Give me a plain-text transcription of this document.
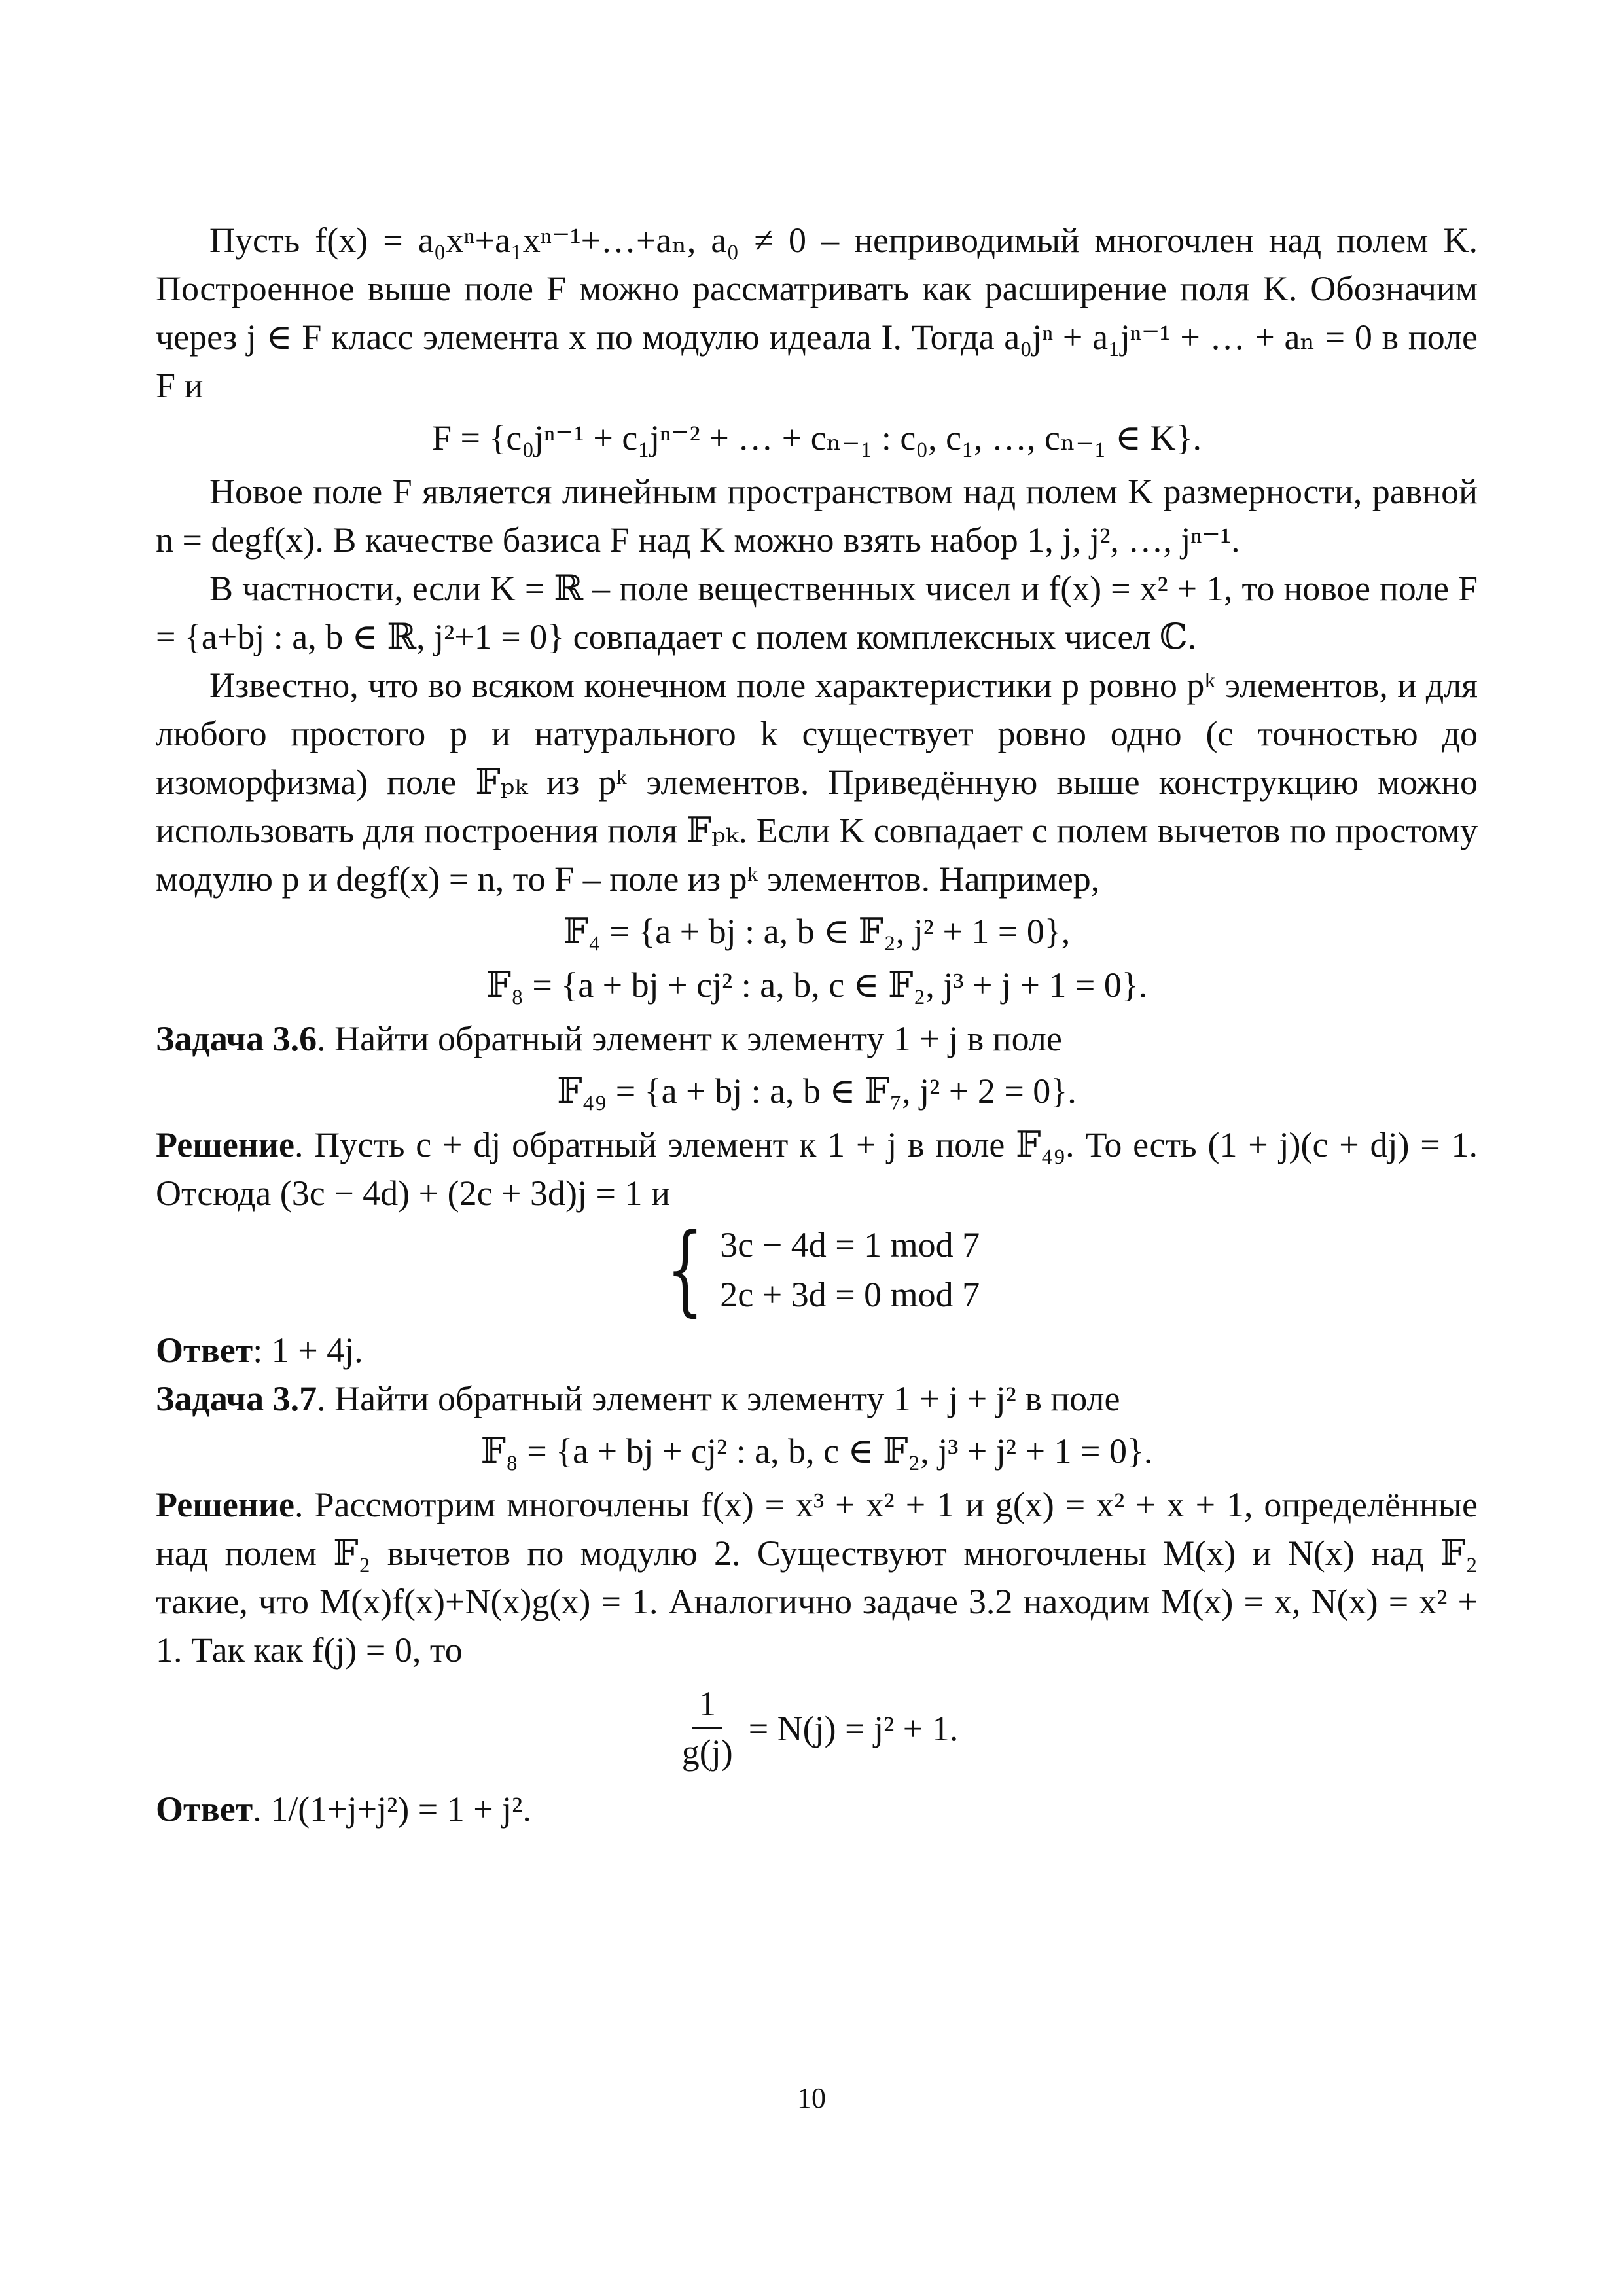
Пусть f(x) = a₀xⁿ+a₁xⁿ⁻¹+…+aₙ, a₀ ≠ 0 – неприводимый многочлен над полем K. Построенное выше поле F можно рассматривать как расширение поля K. Обозначим через j ∈ F класс элемента x по модулю идеала I. Тогда a₀jⁿ + a₁jⁿ⁻¹ + … + aₙ = 0 в поле F и

F = {c₀jⁿ⁻¹ + c₁jⁿ⁻² + … + cₙ₋₁ : c₀, c₁, …, cₙ₋₁ ∈ K}.

Новое поле F является линейным пространством над полем K размерности, равной n = degf(x). В качестве базиса F над K можно взять набор 1, j, j², …, jⁿ⁻¹.

В частности, если K = ℝ – поле вещественных чисел и f(x) = x² + 1, то новое поле F = {a+bj : a, b ∈ ℝ, j²+1 = 0} совпадает с полем комплексных чисел ℂ.

Известно, что во всяком конечном поле характеристики p ровно pᵏ элементов, и для любого простого p и натурального k существует ровно одно (с точностью до изоморфизма) поле 𝔽ₚₖ из pᵏ элементов. Приведённую выше конструкцию можно использовать для построения поля 𝔽ₚₖ. Если K совпадает с полем вычетов по простому модулю p и degf(x) = n, то F – поле из pᵏ элементов. Например,

𝔽₄ = {a + bj : a, b ∈ 𝔽₂, j² + 1 = 0},

𝔽₈ = {a + bj + cj² : a, b, c ∈ 𝔽₂, j³ + j + 1 = 0}.

Задача 3.6. Найти обратный элемент к элементу 1 + j в поле

𝔽₄₉ = {a + bj : a, b ∈ 𝔽₇, j² + 2 = 0}.

Решение. Пусть c + dj обратный элемент к 1 + j в поле 𝔽₄₉. То есть (1 + j)(c + dj) = 1. Отсюда (3c − 4d) + (2c + 3d)j = 1 и

{ 3c − 4d = 1 mod 7
2c + 3d = 0 mod 7

Ответ: 1 + 4j.

Задача 3.7. Найти обратный элемент к элементу 1 + j + j² в поле

𝔽₈ = {a + bj + cj² : a, b, c ∈ 𝔽₂, j³ + j² + 1 = 0}.

Решение. Рассмотрим многочлены f(x) = x³ + x² + 1 и g(x) = x² + x + 1, определённые над полем 𝔽₂ вычетов по модулю 2. Существуют многочлены M(x) и N(x) над 𝔽₂ такие, что M(x)f(x)+N(x)g(x) = 1. Аналогично задаче 3.2 находим M(x) = x, N(x) = x² + 1. Так как f(j) = 0, то

$\frac{1}{g(j)} = N(j) = j^2 + 1$.

Ответ. 1/(1+j+j²) = 1 + j².

10
